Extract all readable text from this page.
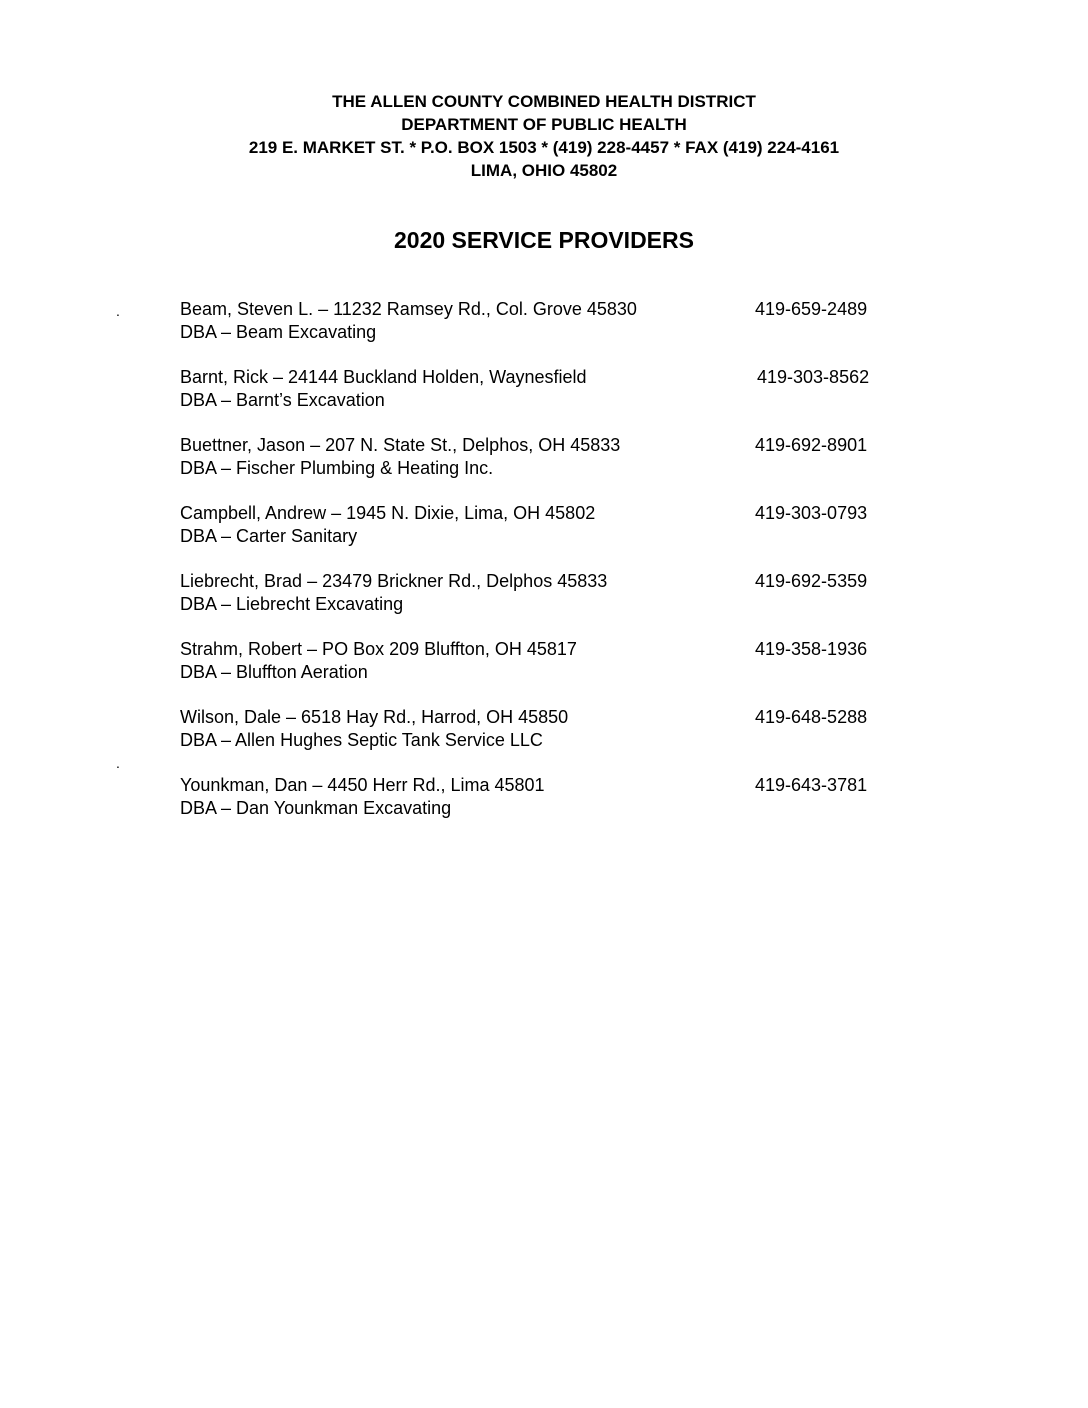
THE ALLEN COUNTY COMBINED HEALTH DISTRICT
DEPARTMENT OF PUBLIC HEALTH
219 E. MARKET ST. * P.O. BOX 1503 * (419) 228-4457 * FAX (419) 224-4161
LIMA, OHIO 45802
2020 SERVICE PROVIDERS
Beam, Steven L. – 11232 Ramsey Rd., Col. Grove 45830
DBA – Beam Excavating
419-659-2489
Barnt, Rick – 24144 Buckland Holden, Waynesfield
DBA – Barnt’s Excavation
419-303-8562
Buettner, Jason – 207 N. State St., Delphos, OH 45833
DBA – Fischer Plumbing & Heating Inc.
419-692-8901
Campbell, Andrew – 1945 N. Dixie, Lima, OH 45802
DBA – Carter Sanitary
419-303-0793
Liebrecht, Brad – 23479 Brickner Rd., Delphos 45833
DBA – Liebrecht Excavating
419-692-5359
Strahm, Robert – PO Box 209 Bluffton, OH 45817
DBA – Bluffton Aeration
419-358-1936
Wilson, Dale – 6518 Hay Rd., Harrod, OH 45850
DBA – Allen Hughes Septic Tank Service LLC
419-648-5288
Younkman, Dan – 4450 Herr Rd., Lima 45801
DBA – Dan Younkman Excavating
419-643-3781
.
.
